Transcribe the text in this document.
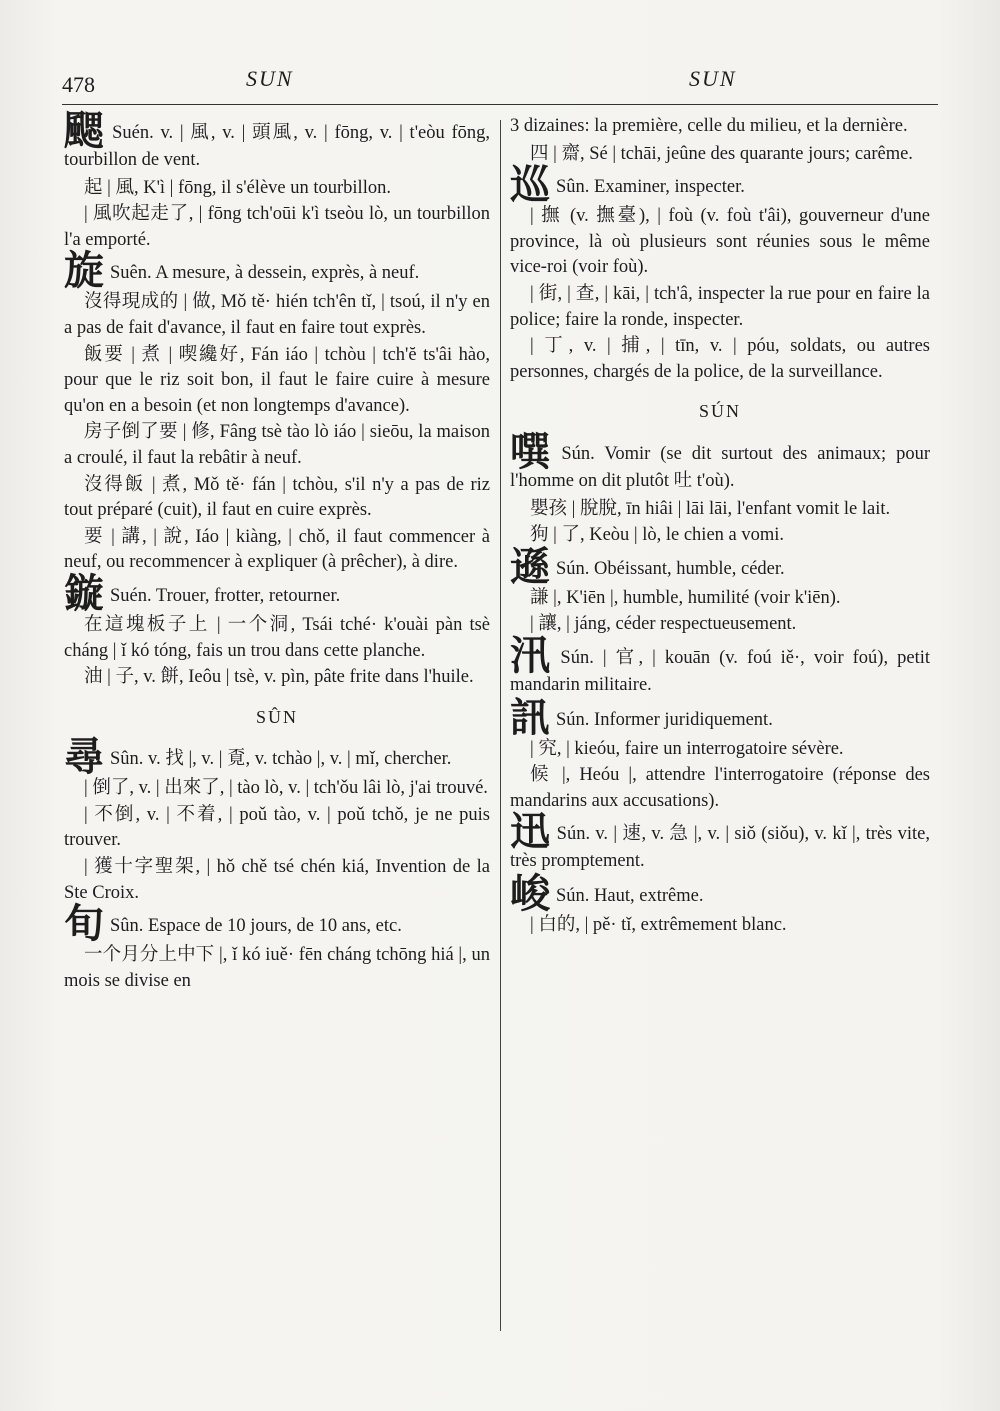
478	SUN	SUN
颸 Suén. v. | 風, v. | 頭風, v. | fōng, v. | t'eòu fōng, tourbillon de vent.
起 | 風, K'ì | fōng, il s'élève un tourbillon.
| 風吹起走了, | fōng tch'oūi k'ì tseòu lò, un tourbillon l'a emporté.
旋 Suên. A mesure, à dessein, exprès, à neuf.
沒得現成的 | 做, Mǒ tě· hién tch'ên tǐ, | tsoú, il n'y en a pas de fait d'avance, il faut en faire tout exprès.
飯要 | 煮 | 喫纔好, Fán iáo | tchòu | tch'ĕ ts'âi hào, pour que le riz soit bon, il faut le faire cuire à mesure qu'on en a besoin (et non longtemps d'avance).
房子倒了要 | 修, Fâng tsè tào lò iáo | sieōu, la maison a croulé, il faut la rebâtir à neuf.
沒得飯 | 煮, Mǒ tě· fán | tchòu, s'il n'y a pas de riz tout préparé (cuit), il faut en cuire exprès.
要 | 講, | 說, Iáo | kiàng, | chǒ, il faut commencer à neuf, ou recommencer à expliquer (à prêcher), à dire.
鏇 Suén. Trouer, frotter, retourner.
在這塊板子上 | 一个洞, Tsái tché· k'ouài pàn tsè cháng | ǐ kó tóng, fais un trou dans cette planche.
油 | 子, v. 餅, Ieôu | tsè, v. pìn, pâte frite dans l'huile.
SÛN
尋 Sûn. v. 找 |, v. | 覔, v. tchào |, v. | mǐ, chercher.
| 倒了, v. | 出來了, | tào lò, v. | tch'ǒu lâi lò, j'ai trouvé.
| 不倒, v. | 不着, | poǔ tào, v. | poǔ tchǒ, je ne puis trouver.
| 獲十字聖架, | hǒ chě tsé chén kiá, Invention de la Ste Croix.
旬 Sûn. Espace de 10 jours, de 10 ans, etc.
一个月分上中下 |, ǐ kó iuě· fēn cháng tchōng hiá |, un mois se divise en
3 dizaines: la première, celle du milieu, et la dernière.
四 | 齋, Sé | tchāi, jeûne des quarante jours; carême.
巡 Sûn. Examiner, inspecter.
| 撫 (v. 撫臺), | foù (v. foù t'âi), gouverneur d'une province, là où plusieurs sont réunies sous le même vice-roi (voir foù).
| 街, | 查, | kāi, | tch'â, inspecter la rue pour en faire la police; faire la ronde, inspecter.
| 丁, v. | 捕, | tīn, v. | póu, soldats, ou autres personnes, chargés de la police, de la surveillance.
SÚN
噀 Sún. Vomir (se dit surtout des animaux; pour l'homme on dit plutôt 吐 t'où).
嬰孩 | 脫脫, īn hiâi | lāi lāi, l'enfant vomit le lait.
狗 | 了, Keòu | lò, le chien a vomi.
遜 Sún. Obéissant, humble, céder.
謙 |, K'iēn |, humble, humilité (voir k'iēn).
| 讓, | jáng, céder respectueusement.
汛 Sún. | 官, | kouān (v. foú iě·, voir foú), petit mandarin militaire.
訊 Sún. Informer juridiquement.
| 究, | kieóu, faire un interrogatoire sévère.
候 |, Heóu |, attendre l'interrogatoire (réponse des mandarins aux accusations).
迅 Sún. v. | 速, v. 急 |, v. | siǒ (siǒu), v. kǐ |, très vite, très promptement.
峻 Sún. Haut, extrême.
| 白的, | pě· tǐ, extrêmement blanc.
